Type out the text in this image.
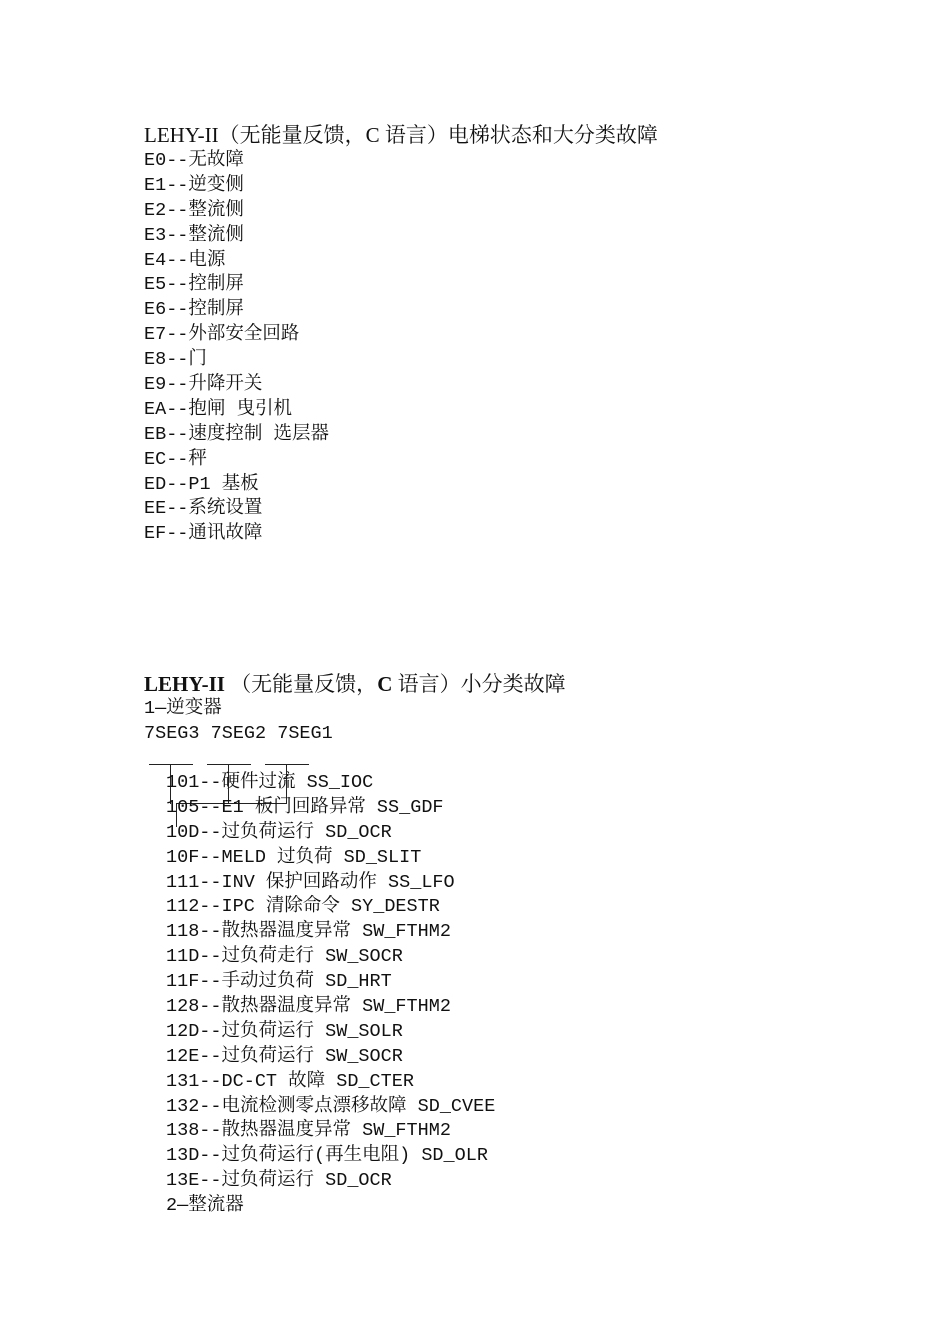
LEHY-II（无能量反馈，C 语言）电梯状态和大分类故障
E0--无故障
E1--逆变侧
E2--整流侧
E3--整流侧
E4--电源
E5--控制屏
E6--控制屏
E7--外部安全回路
E8--门
E9--升降开关
EA--抱闸 曳引机
EB--速度控制 选层器
EC--秤
ED--P1 基板
EE--系统设置
EF--通讯故障
LEHY-II （无能量反馈，C 语言）小分类故障
1—逆变器
7SEG3 7SEG2 7SEG1
101--硬件过流 SS_IOC
105--E1 板门回路异常 SS_GDF
10D--过负荷运行 SD_OCR
10F--MELD 过负荷 SD_SLIT
111--INV 保护回路动作 SS_LFO
112--IPC 清除命令 SY_DESTR
118--散热器温度异常 SW_FTHM2
11D--过负荷走行 SW_SOCR
11F--手动过负荷 SD_HRT
128--散热器温度异常 SW_FTHM2
12D--过负荷运行 SW_SOLR
12E--过负荷运行 SW_SOCR
131--DC-CT 故障 SD_CTER
132--电流检测零点漂移故障 SD_CVEE
138--散热器温度异常 SW_FTHM2
13D--过负荷运行(再生电阻) SD_OLR
13E--过负荷运行 SD_OCR
2—整流器
